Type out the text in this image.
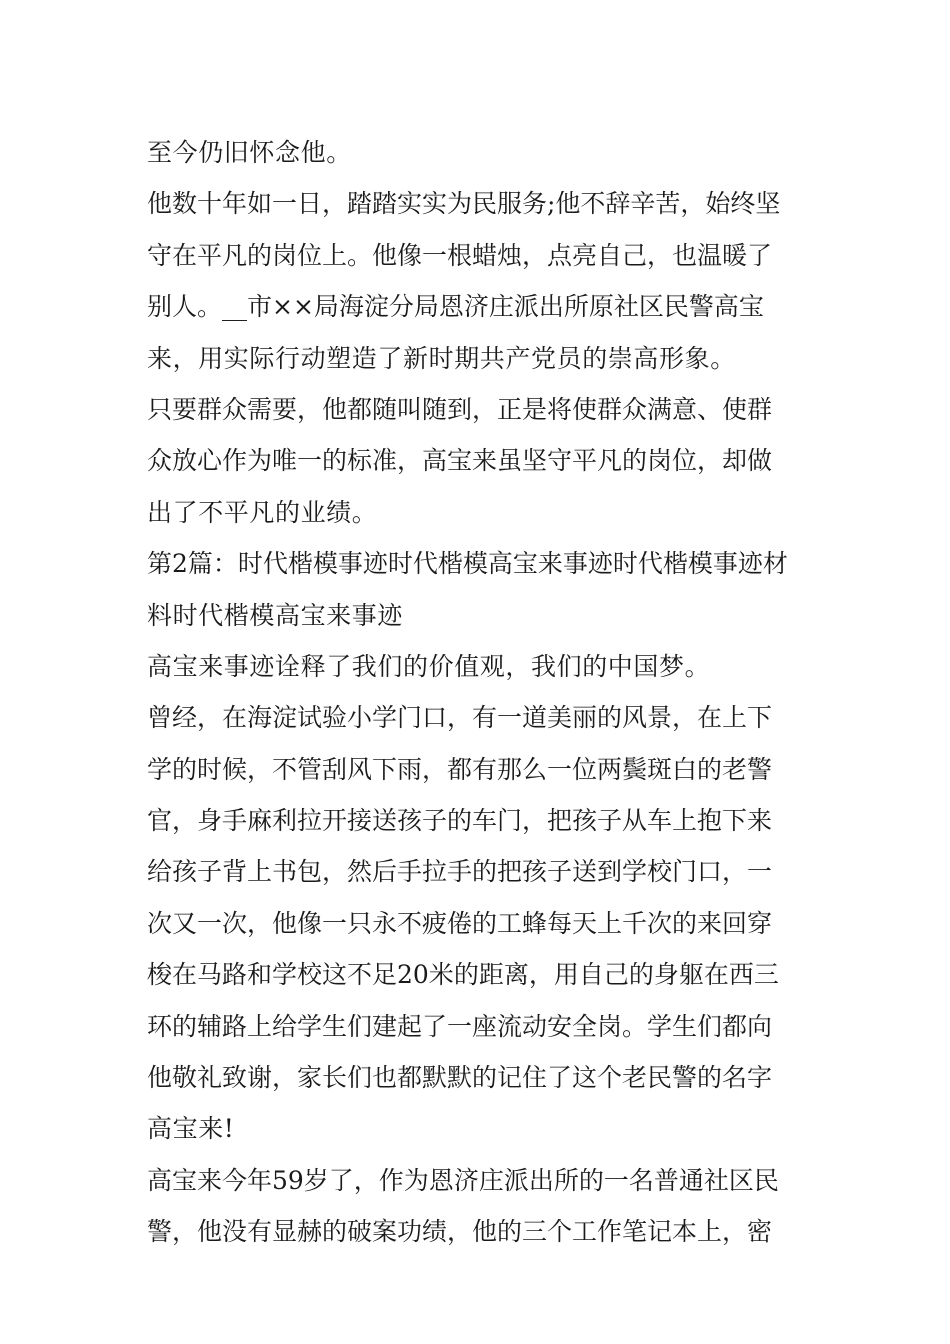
至今仍旧怀念他。
他数十年如一日，踏踏实实为民服务;他不辞辛苦，始终坚
守在平凡的岗位上。他像一根蜡烛，点亮自己，也温暖了
别人。__市××局海淀分局恩济庄派出所原社区民警高宝
来，用实际行动塑造了新时期共产党员的崇高形象。
只要群众需要，他都随叫随到，正是将使群众满意、使群
众放心作为唯一的标准，高宝来虽坚守平凡的岗位，却做
出了不平凡的业绩。
第2篇：时代楷模事迹时代楷模高宝来事迹时代楷模事迹材
料时代楷模高宝来事迹
高宝来事迹诠释了我们的价值观，我们的中国梦。
曾经，在海淀试验小学门口，有一道美丽的风景，在上下
学的时候，不管刮风下雨，都有那么一位两鬓斑白的老警
官，身手麻利拉开接送孩子的车门，把孩子从车上抱下来
给孩子背上书包，然后手拉手的把孩子送到学校门口，一
次又一次，他像一只永不疲倦的工蜂每天上千次的来回穿
梭在马路和学校这不足20米的距离，用自己的身躯在西三
环的辅路上给学生们建起了一座流动安全岗。学生们都向
他敬礼致谢，家长们也都默默的记住了这个老民警的名字
高宝来!
高宝来今年59岁了，作为恩济庄派出所的一名普通社区民
警，他没有显赫的破案功绩，他的三个工作笔记本上，密
